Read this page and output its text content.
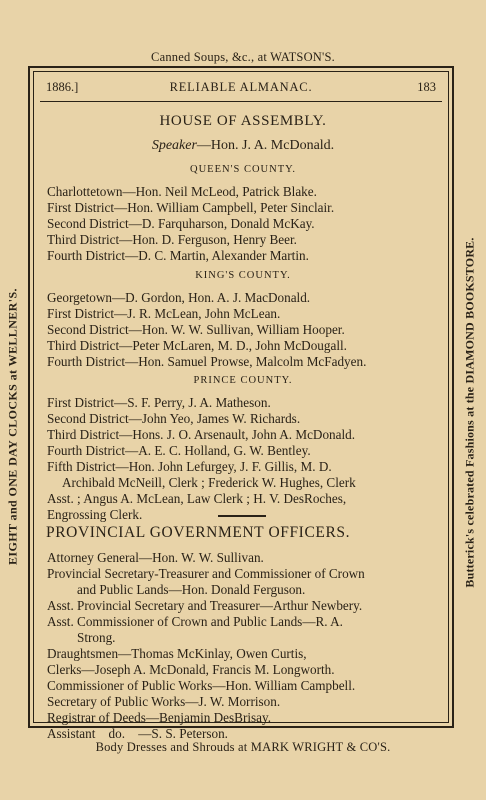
Canned Soups, &c., at WATSON'S.
EIGHT and ONE DAY CLOCKS at WELLNER'S.	Butterick's celebrated Fashions at the DIAMOND BOOKSTORE.
Body Dresses and Shrouds at MARK WRIGHT & CO'S.
RELIABLE ALMANAC.
1886.]	183
HOUSE OF ASSEMBLY.
Speaker—Hon. J. A. McDonald.
QUEEN'S COUNTY.
Charlottetown—Hon. Neil McLeod, Patrick Blake.
First District—Hon. William Campbell, Peter Sinclair.
Second District—D. Farquharson, Donald McKay.
Third District—Hon. D. Ferguson, Henry Beer.
Fourth District—D. C. Martin, Alexander Martin.
KING'S COUNTY.
Georgetown—D. Gordon, Hon. A. J. MacDonald.
First District—J. R. McLean, John McLean.
Second District—Hon. W. W. Sullivan, William Hooper.
Third District—Peter McLaren, M. D., John McDougall.
Fourth District—Hon. Samuel Prowse, Malcolm McFadyen.
PRINCE COUNTY.
First District—S. F. Perry, J. A. Matheson.
Second District—John Yeo, James W. Richards.
Third District—Hons. J. O. Arsenault, John A. McDonald.
Fourth District—A. E. C. Holland, G. W. Bentley.
Fifth District—Hon. John Lefurgey, J. F. Gillis, M. D.
Archibald McNeill, Clerk ; Frederick W. Hughes, Clerk
Asst. ; Angus A. McLean, Law Clerk ; H. V. DesRoches,
Engrossing Clerk.
PROVINCIAL GOVERNMENT OFFICERS.
Attorney General—Hon. W. W. Sullivan.
Provincial Secretary-Treasurer and Commissioner of Crown
and Public Lands—Hon. Donald Ferguson.
Asst. Provincial Secretary and Treasurer—Arthur Newbery.
Asst. Commissioner of Crown and Public Lands—R. A.
Strong.
Draughtsmen—Thomas McKinlay, Owen Curtis,
Clerks—Joseph A. McDonald, Francis M. Longworth.
Commissioner of Public Works—Hon. William Campbell.
Secretary of Public Works—J. W. Morrison.
Registrar of Deeds—Benjamin DesBrisay.
Assistant    do.    —S. S. Peterson.
